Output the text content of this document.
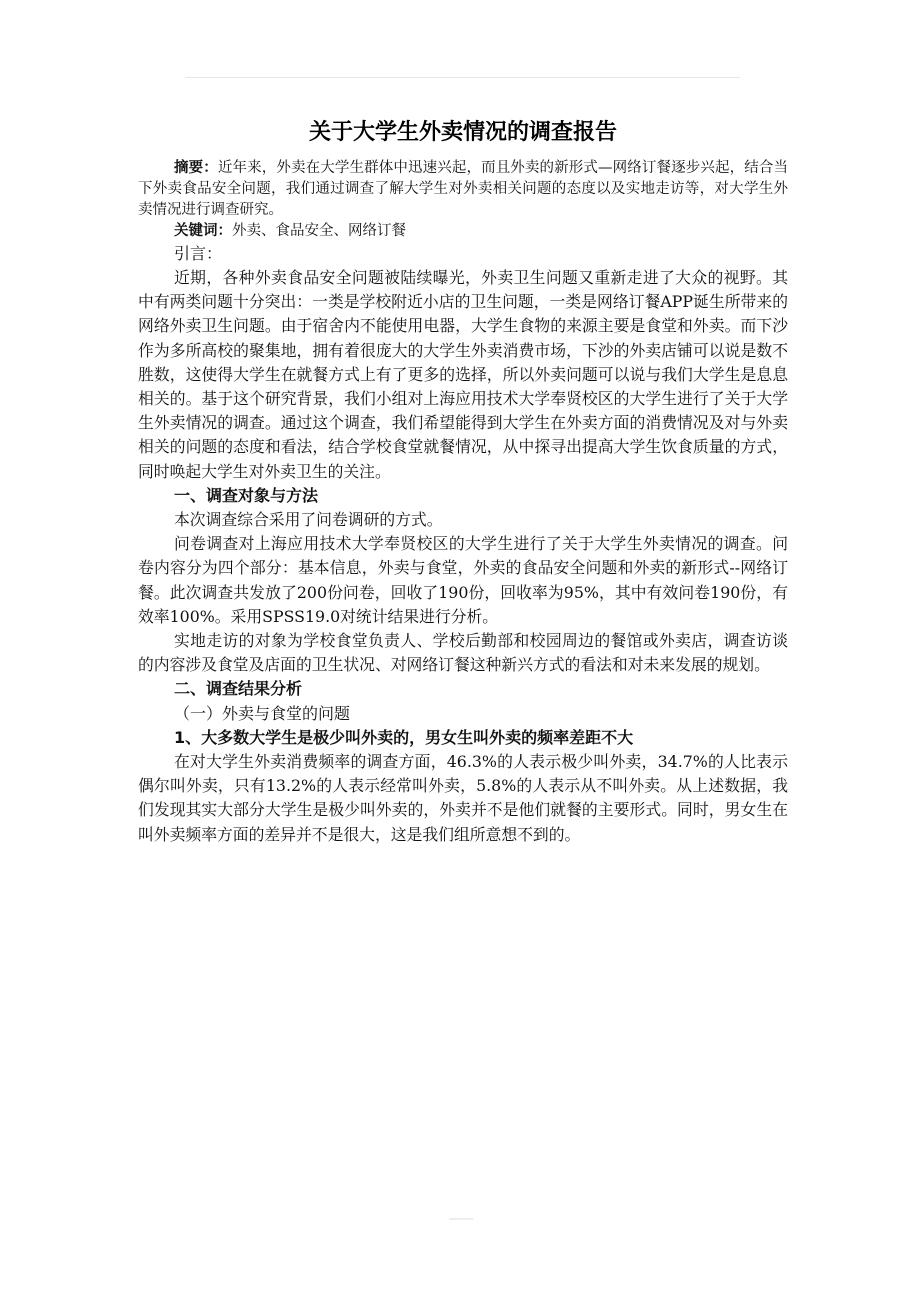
关于大学生外卖情况的调查报告

摘要：近年来，外卖在大学生群体中迅速兴起，而且外卖的新形式—网络订餐逐步兴起，结合当下外卖食品安全问题，我们通过调查了解大学生对外卖相关问题的态度以及实地走访等，对大学生外卖情况进行调查研究。

关键词：外卖、食品安全、网络订餐

引言：

近期，各种外卖食品安全问题被陆续曝光，外卖卫生问题又重新走进了大众的视野。其中有两类问题十分突出：一类是学校附近小店的卫生问题，一类是网络订餐APP诞生所带来的网络外卖卫生问题。由于宿舍内不能使用电器，大学生食物的来源主要是食堂和外卖。而下沙作为多所高校的聚集地，拥有着很庞大的大学生外卖消费市场，下沙的外卖店铺可以说是数不胜数，这使得大学生在就餐方式上有了更多的选择，所以外卖问题可以说与我们大学生是息息相关的。基于这个研究背景，我们小组对上海应用技术大学奉贤校区的大学生进行了关于大学生外卖情况的调查。通过这个调查，我们希望能得到大学生在外卖方面的消费情况及对与外卖相关的问题的态度和看法，结合学校食堂就餐情况，从中探寻出提高大学生饮食质量的方式，同时唤起大学生对外卖卫生的关注。

一、调查对象与方法

本次调查综合采用了问卷调研的方式。

问卷调查对上海应用技术大学奉贤校区的大学生进行了关于大学生外卖情况的调查。问卷内容分为四个部分：基本信息，外卖与食堂，外卖的食品安全问题和外卖的新形式--网络订餐。此次调查共发放了200份问卷，回收了190份，回收率为95%，其中有效问卷190份，有效率100%。采用SPSS19.0对统计结果进行分析。

实地走访的对象为学校食堂负责人、学校后勤部和校园周边的餐馆或外卖店，调查访谈的内容涉及食堂及店面的卫生状况、对网络订餐这种新兴方式的看法和对未来发展的规划。

二、调查结果分析

（一）外卖与食堂的问题

1、大多数大学生是极少叫外卖的，男女生叫外卖的频率差距不大

在对大学生外卖消费频率的调查方面，46.3%的人表示极少叫外卖，34.7%的人比表示偶尔叫外卖，只有13.2%的人表示经常叫外卖，5.8%的人表示从不叫外卖。从上述数据，我们发现其实大部分大学生是极少叫外卖的，外卖并不是他们就餐的主要形式。同时，男女生在叫外卖频率方面的差异并不是很大，这是我们组所意想不到的。
